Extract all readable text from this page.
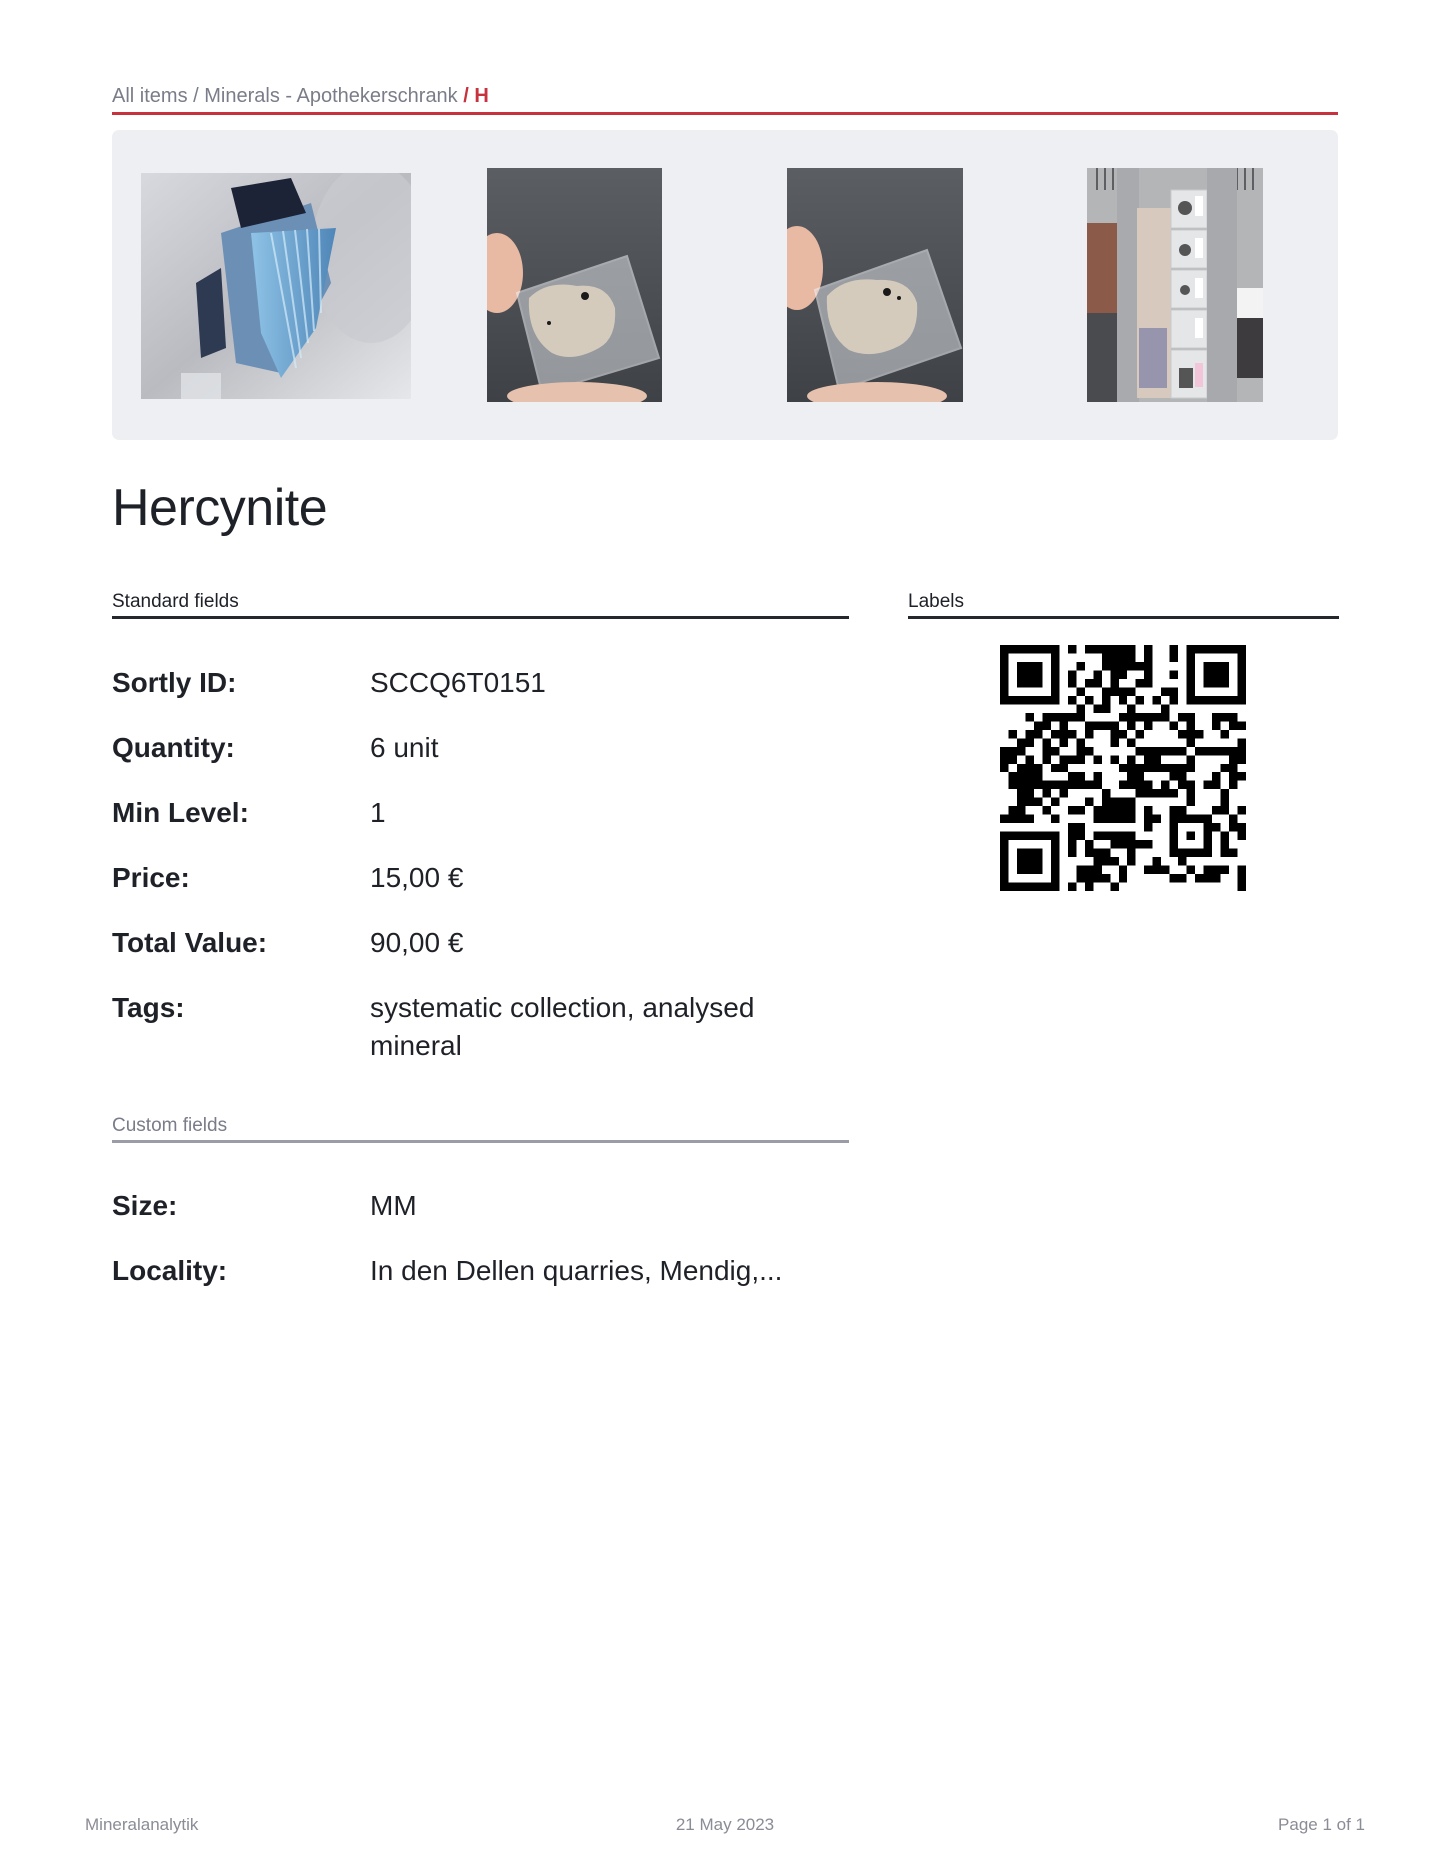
All items / Minerals - Apothekerschrank / H
Hercynite
Standard fields	Labels
Sortly ID:	SCCQ6T0151
Quantity:	6 unit
Min Level:	1
Price:	15,00 €
Total Value:	90,00 €
Tags:	systematic collection, analysed mineral
Custom fields
Size:	MM
Locality:	In den Dellen quarries, Mendig,...
Mineralanalytik	21 May 2023	Page 1 of 1
